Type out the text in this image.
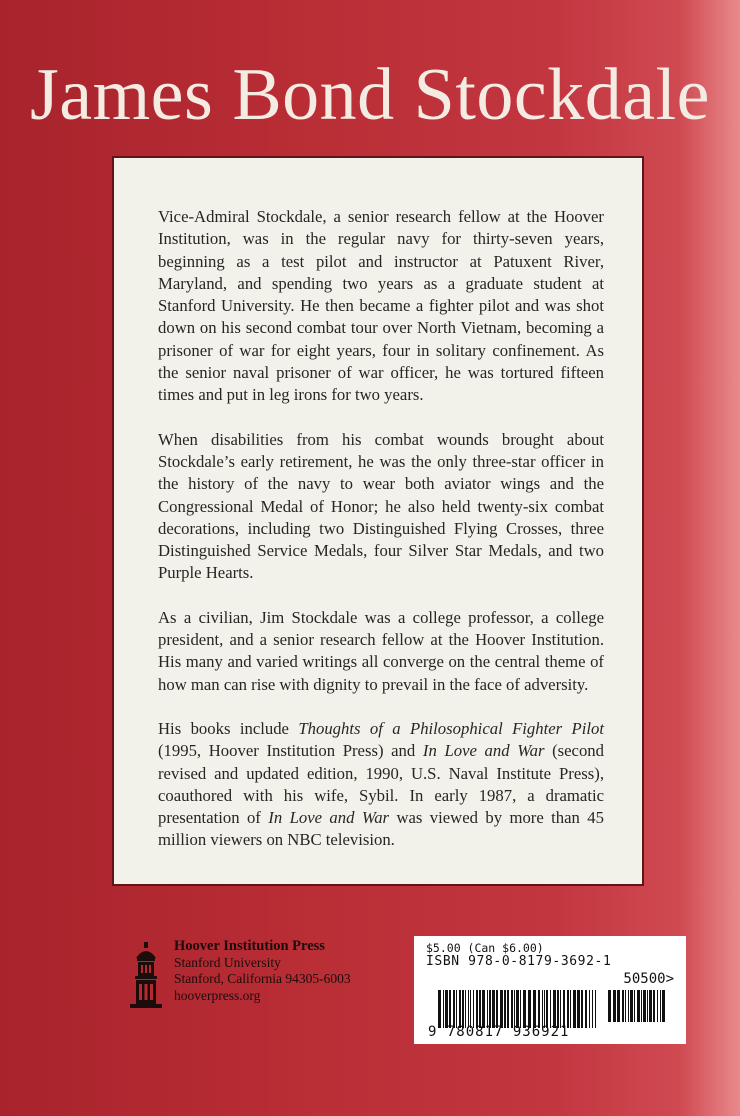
James Bond Stockdale

Vice-Admiral Stockdale, a senior research fellow at the Hoover Institution, was in the regular navy for thirty-seven years, beginning as a test pilot and instructor at Patuxent River, Maryland, and spending two years as a graduate student at Stanford University. He then became a fighter pilot and was shot down on his second combat tour over North Vietnam, becoming a prisoner of war for eight years, four in solitary confinement. As the senior naval prisoner of war officer, he was tortured fifteen times and put in leg irons for two years.

When disabilities from his combat wounds brought about Stockdale’s early retirement, he was the only three-star officer in the history of the navy to wear both aviator wings and the Congressional Medal of Honor; he also held twenty-six combat decorations, including two Distinguished Flying Crosses, three Distinguished Service Medals, four Silver Star Medals, and two Purple Hearts.

As a civilian, Jim Stockdale was a college professor, a college president, and a senior research fellow at the Hoover Institution. His many and varied writings all converge on the central theme of how man can rise with dignity to prevail in the face of adversity.

His books include Thoughts of a Philosophical Fighter Pilot (1995, Hoover Institution Press) and In Love and War (second revised and updated edition, 1990, U.S. Naval Institute Press), coauthored with his wife, Sybil. In early 1987, a dramatic presentation of In Love and War was viewed by more than 45 million viewers on NBC television.

Hoover Institution Press
Stanford University
Stanford, California 94305-6003
hooverpress.org
$5.00 (Can $6.00)
ISBN 978-0-8179-3692-1
50500>
9 780817 936921
